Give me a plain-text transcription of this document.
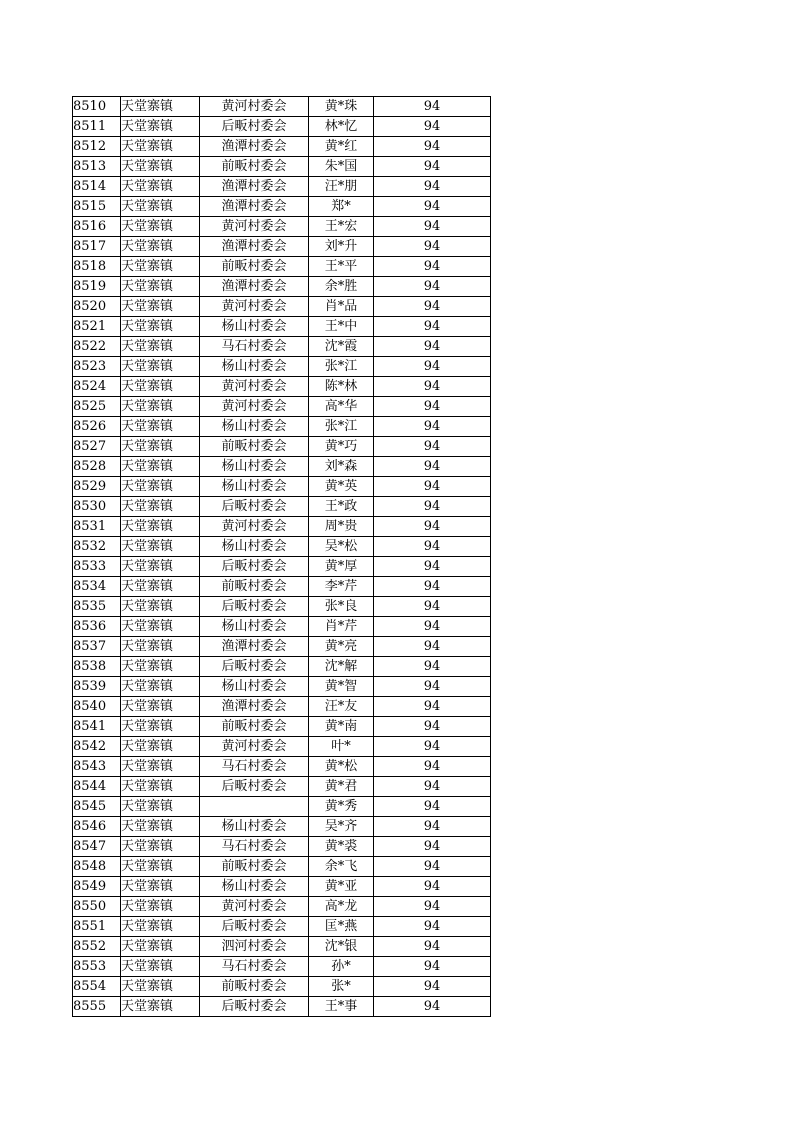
8510	天堂寨镇	黄河村委会	黄*珠	94
8511	天堂寨镇	后畈村委会	林*忆	94
8512	天堂寨镇	渔潭村委会	黄*红	94
8513	天堂寨镇	前畈村委会	朱*国	94
8514	天堂寨镇	渔潭村委会	汪*朋	94
8515	天堂寨镇	渔潭村委会	郑*	94
8516	天堂寨镇	黄河村委会	王*宏	94
8517	天堂寨镇	渔潭村委会	刘*升	94
8518	天堂寨镇	前畈村委会	王*平	94
8519	天堂寨镇	渔潭村委会	余*胜	94
8520	天堂寨镇	黄河村委会	肖*品	94
8521	天堂寨镇	杨山村委会	王*中	94
8522	天堂寨镇	马石村委会	沈*霞	94
8523	天堂寨镇	杨山村委会	张*江	94
8524	天堂寨镇	黄河村委会	陈*林	94
8525	天堂寨镇	黄河村委会	高*华	94
8526	天堂寨镇	杨山村委会	张*江	94
8527	天堂寨镇	前畈村委会	黄*巧	94
8528	天堂寨镇	杨山村委会	刘*森	94
8529	天堂寨镇	杨山村委会	黄*英	94
8530	天堂寨镇	后畈村委会	王*政	94
8531	天堂寨镇	黄河村委会	周*贵	94
8532	天堂寨镇	杨山村委会	吴*松	94
8533	天堂寨镇	后畈村委会	黄*厚	94
8534	天堂寨镇	前畈村委会	李*芹	94
8535	天堂寨镇	后畈村委会	张*良	94
8536	天堂寨镇	杨山村委会	肖*芹	94
8537	天堂寨镇	渔潭村委会	黄*亮	94
8538	天堂寨镇	后畈村委会	沈*解	94
8539	天堂寨镇	杨山村委会	黄*智	94
8540	天堂寨镇	渔潭村委会	汪*友	94
8541	天堂寨镇	前畈村委会	黄*南	94
8542	天堂寨镇	黄河村委会	叶*	94
8543	天堂寨镇	马石村委会	黄*松	94
8544	天堂寨镇	后畈村委会	黄*君	94
8545	天堂寨镇		黄*秀	94
8546	天堂寨镇	杨山村委会	吴*齐	94
8547	天堂寨镇	马石村委会	黄*裘	94
8548	天堂寨镇	前畈村委会	余*飞	94
8549	天堂寨镇	杨山村委会	黄*亚	94
8550	天堂寨镇	黄河村委会	高*龙	94
8551	天堂寨镇	后畈村委会	匡*燕	94
8552	天堂寨镇	泗河村委会	沈*银	94
8553	天堂寨镇	马石村委会	孙*	94
8554	天堂寨镇	前畈村委会	张*	94
8555	天堂寨镇	后畈村委会	王*事	94
